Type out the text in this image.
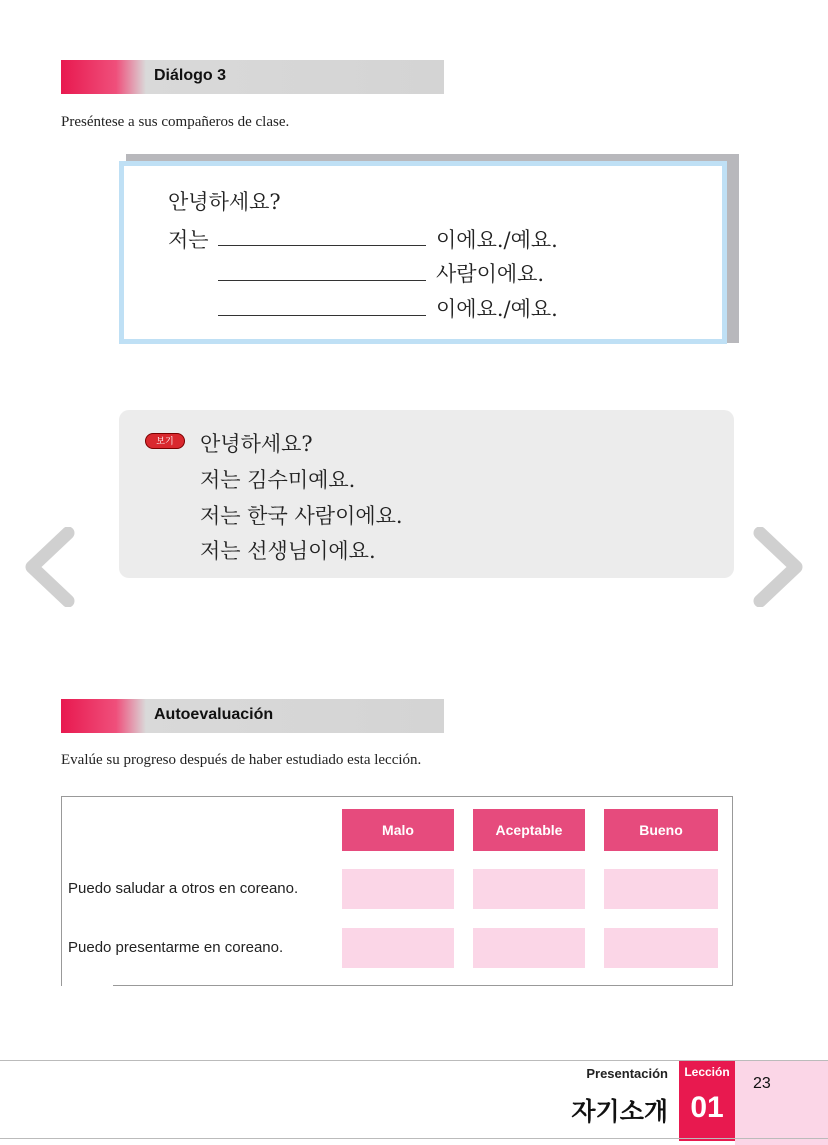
Diálogo 3
Preséntese a sus compañeros de clase.
안녕하세요?
저는	이에요./예요.
사람이에요.
이에요./예요.
보기	안녕하세요?
저는 김수미예요.
저는 한국 사람이에요.
저는 선생님이에요.
Autoevaluación
Evalúe su progreso después de haber estudiado esta lección.
Malo	Aceptable	Bueno
Puedo saludar a otros en coreano.
Puedo presentarme en coreano.
Lección
01
Presentación
자기소개
23
